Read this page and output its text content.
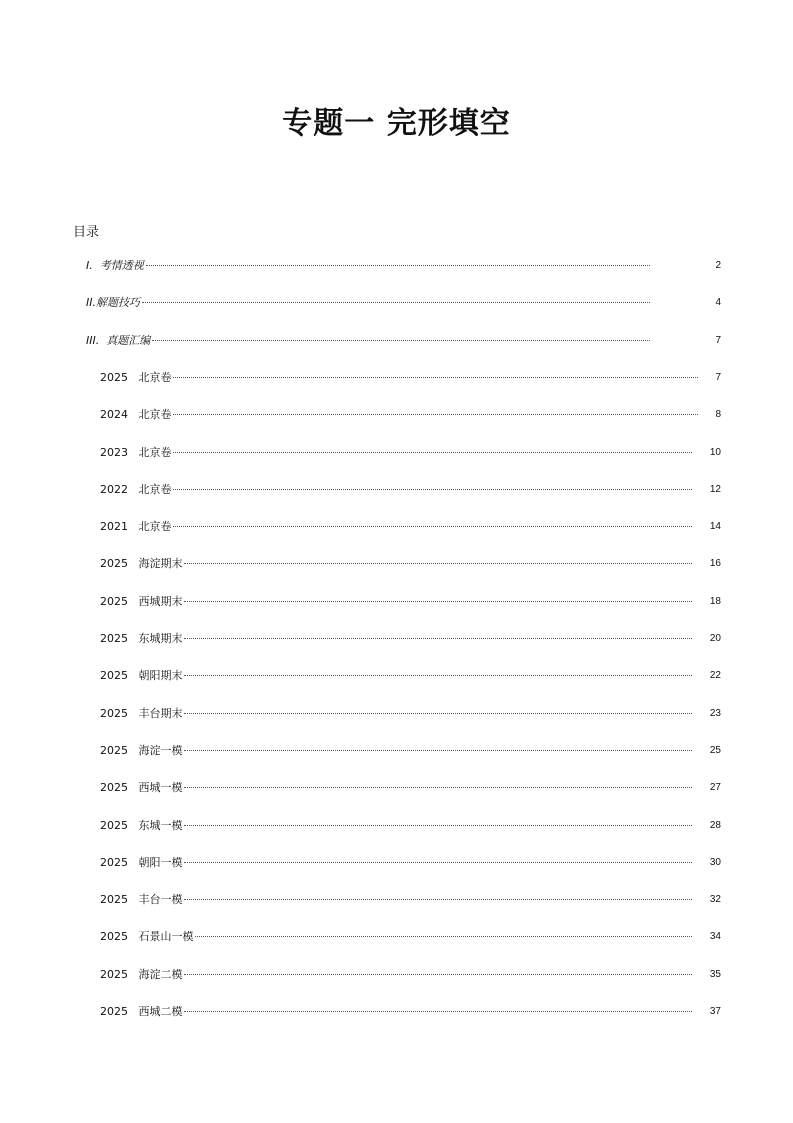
专题一 完形填空
目录
I.  考情透视	2
II.解题技巧	4
III.  真题汇编	7
2025   北京卷	7
2024   北京卷	8
2023   北京卷	10
2022   北京卷	12
2021   北京卷	14
2025   海淀期末	16
2025   西城期末	18
2025   东城期末	20
2025   朝阳期末	22
2025   丰台期末	23
2025   海淀一模	25
2025   西城一模	27
2025   东城一模	28
2025   朝阳一模	30
2025   丰台一模	32
2025   石景山一模	34
2025   海淀二模	35
2025   西城二模	37
